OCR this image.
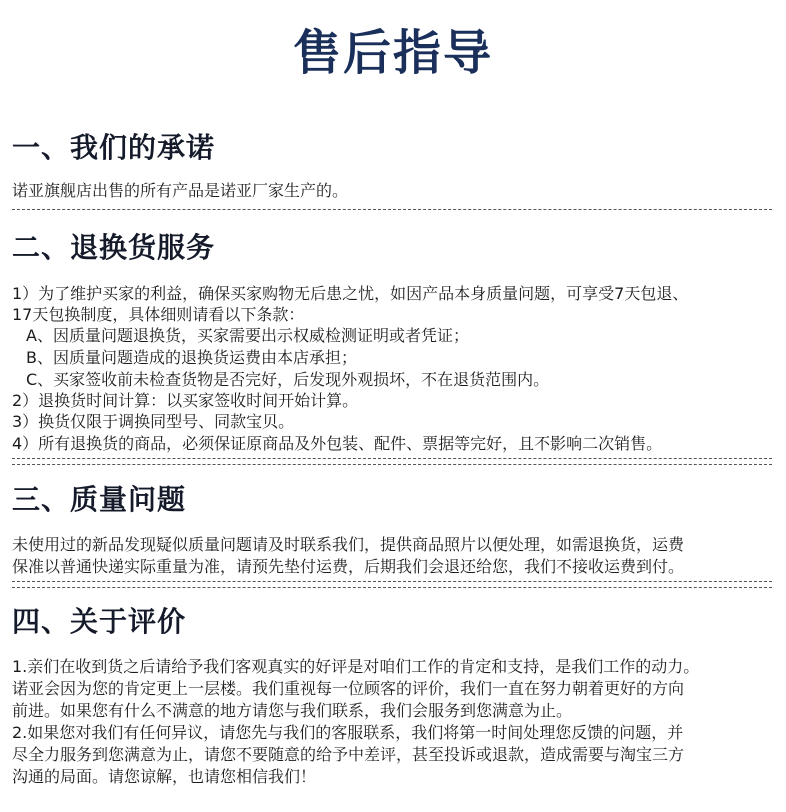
售后指导
一、我们的承诺
诺亚旗舰店出售的所有产品是诺亚厂家生产的。
二、退换货服务
1）为了维护买家的利益，确保买家购物无后患之忧，如因产品本身质量问题，可享受7天包退、
17天包换制度，具体细则请看以下条款：
A、因质量问题退换货，买家需要出示权威检测证明或者凭证；
B、因质量问题造成的退换货运费由本店承担；
C、买家签收前未检查货物是否完好，后发现外观损坏，不在退货范围内。
2）退换货时间计算：以买家签收时间开始计算。
3）换货仅限于调换同型号、同款宝贝。
4）所有退换货的商品，必须保证原商品及外包装、配件、票据等完好，且不影响二次销售。
三、质量问题
未使用过的新品发现疑似质量问题请及时联系我们，提供商品照片以便处理，如需退换货，运费
保准以普通快递实际重量为准，请预先垫付运费，后期我们会退还给您，我们不接收运费到付。
四、关于评价
1.亲们在收到货之后请给予我们客观真实的好评是对咱们工作的肯定和支持，是我们工作的动力。
诺亚会因为您的肯定更上一层楼。我们重视每一位顾客的评价，我们一直在努力朝着更好的方向
前进。如果您有什么不满意的地方请您与我们联系，我们会服务到您满意为止。
2.如果您对我们有任何异议，请您先与我们的客服联系，我们将第一时间处理您反馈的问题，并
尽全力服务到您满意为止，请您不要随意的给予中差评，甚至投诉或退款，造成需要与淘宝三方
沟通的局面。请您谅解，也请您相信我们！
